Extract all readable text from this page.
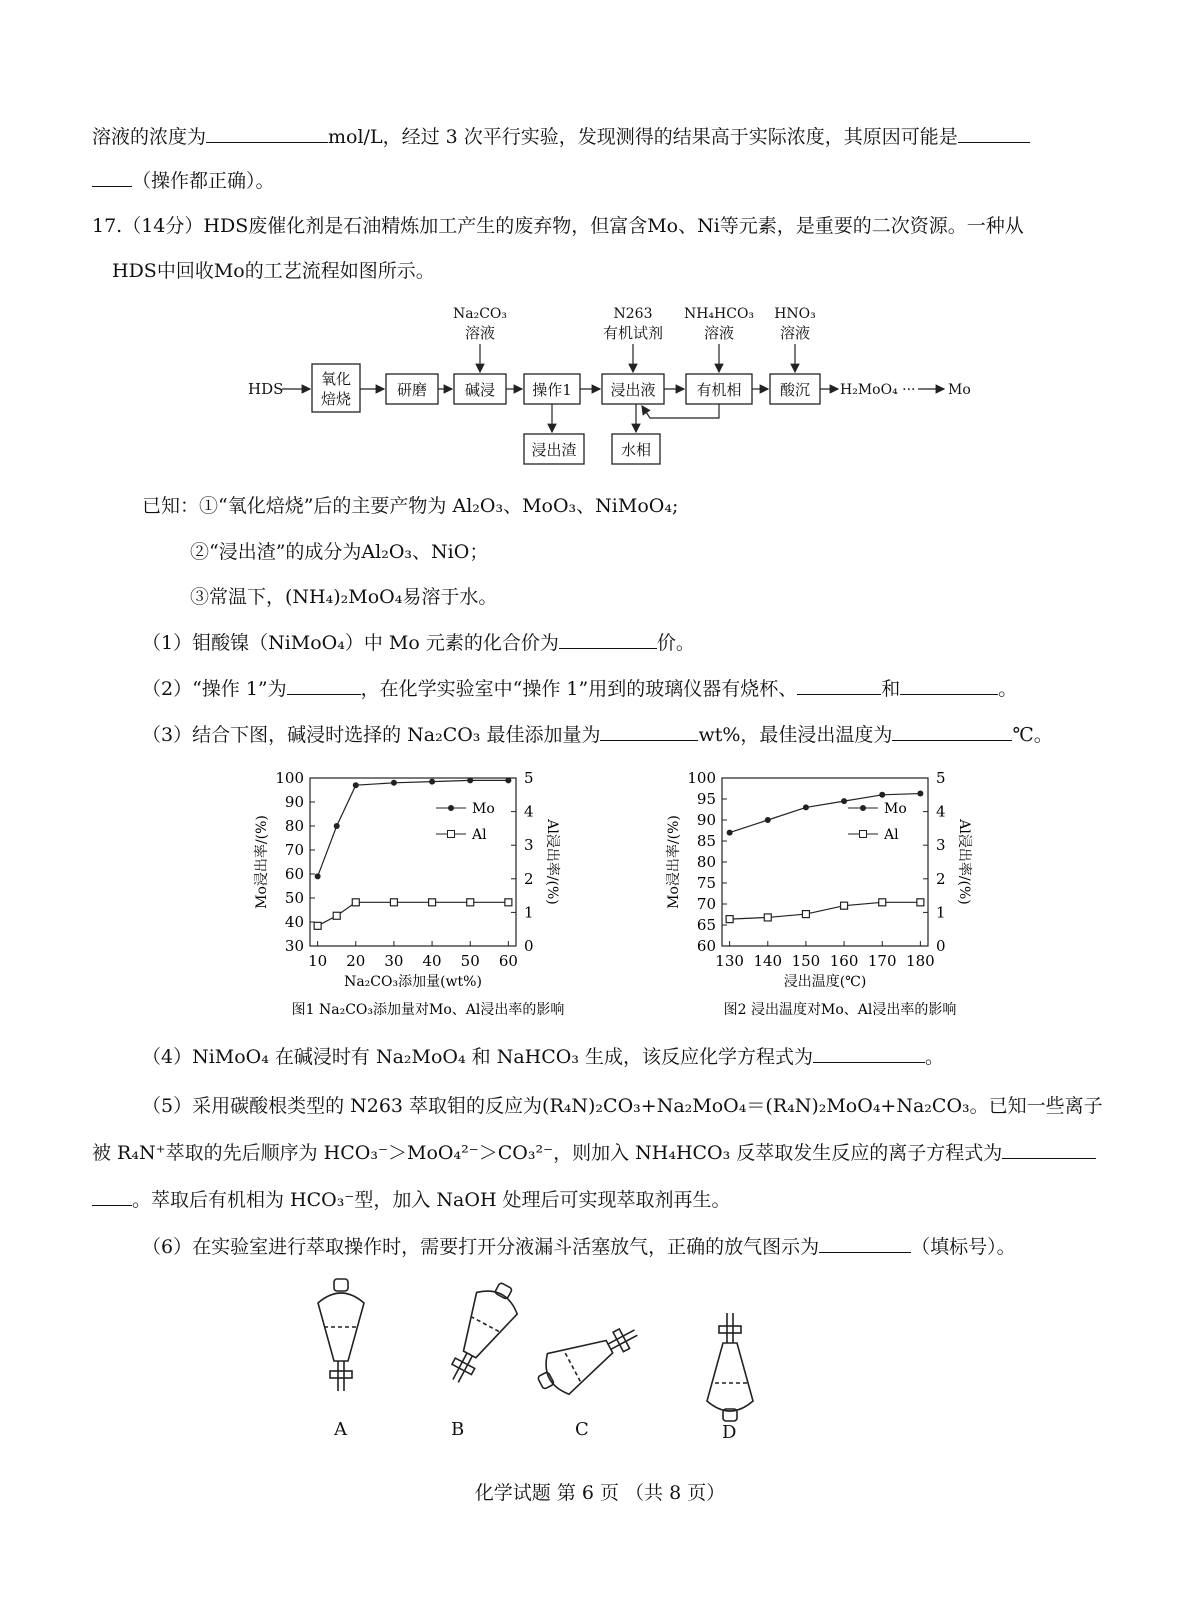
溶液的浓度为	mol/L，经过 3 次平行实验，发现测得的结果高于实际浓度，其原因可能是
（操作都正确）。
17.（14分）HDS废催化剂是石油精炼加工产生的废弃物，但富含Mo、Ni等元素，是重要的二次资源。一种从
HDS中回收Mo的工艺流程如图所示。
HDS
氧化
焙烧	研磨	碱浸 操作1	浸出液	有机相	酸沉 H₂MoO₄ ··· Mo
Na₂CO₃
溶液
N263
有机试剂
NH₄HCO₃
溶液
HNO₃
溶液
浸出渣	水相
已知：①“氧化焙烧”后的主要产物为 Al₂O₃、MoO₃、NiMoO₄;
②“浸出渣”的成分为Al₂O₃、NiO；
③常温下，(NH₄)₂MoO₄易溶于水。
（1）钼酸镍（NiMoO₄）中 Mo 元素的化合价为	价。
（2）“操作 1”为	，在化学实验室中“操作 1”用到的玻璃仪器有烧杯、	和	。
（3）结合下图，碱浸时选择的 Na₂CO₃ 最佳添加量为	wt%，最佳浸出温度为	℃。
30
40
50
60
70
80
90
100
0
1
2
3
4
5
10 20 30 40 50 60
Na₂CO₃添加量(wt%)
Mo浸出率/(%)	Al浸出率/(%)
图1 Na₂CO₃添加量对Mo、Al浸出率的影响
Mo
Al
60
65
70
75
80
85
90
95
100
0
1
2
3
4
5
130 140 150 160 170 180
浸出温度(℃)
Mo浸出率/(%)	Al浸出率/(%)
图2 浸出温度对Mo、Al浸出率的影响
Mo
Al
（4）NiMoO₄ 在碱浸时有 Na₂MoO₄ 和 NaHCO₃ 生成，该反应化学方程式为	。
（5）采用碳酸根类型的 N263 萃取钼的反应为(R₄N)₂CO₃+Na₂MoO₄＝(R₄N)₂MoO₄+Na₂CO₃。已知一些离子
被 R₄N⁺萃取的先后顺序为 HCO₃⁻＞MoO₄²⁻＞CO₃²⁻，则加入 NH₄HCO₃ 反萃取发生反应的离子方程式为
。萃取后有机相为 HCO₃⁻型，加入 NaOH 处理后可实现萃取剂再生。
（6）在实验室进行萃取操作时，需要打开分液漏斗活塞放气，正确的放气图示为	（填标号）。
A	B	C	D
化学试题 第 6 页 （共 8 页）
